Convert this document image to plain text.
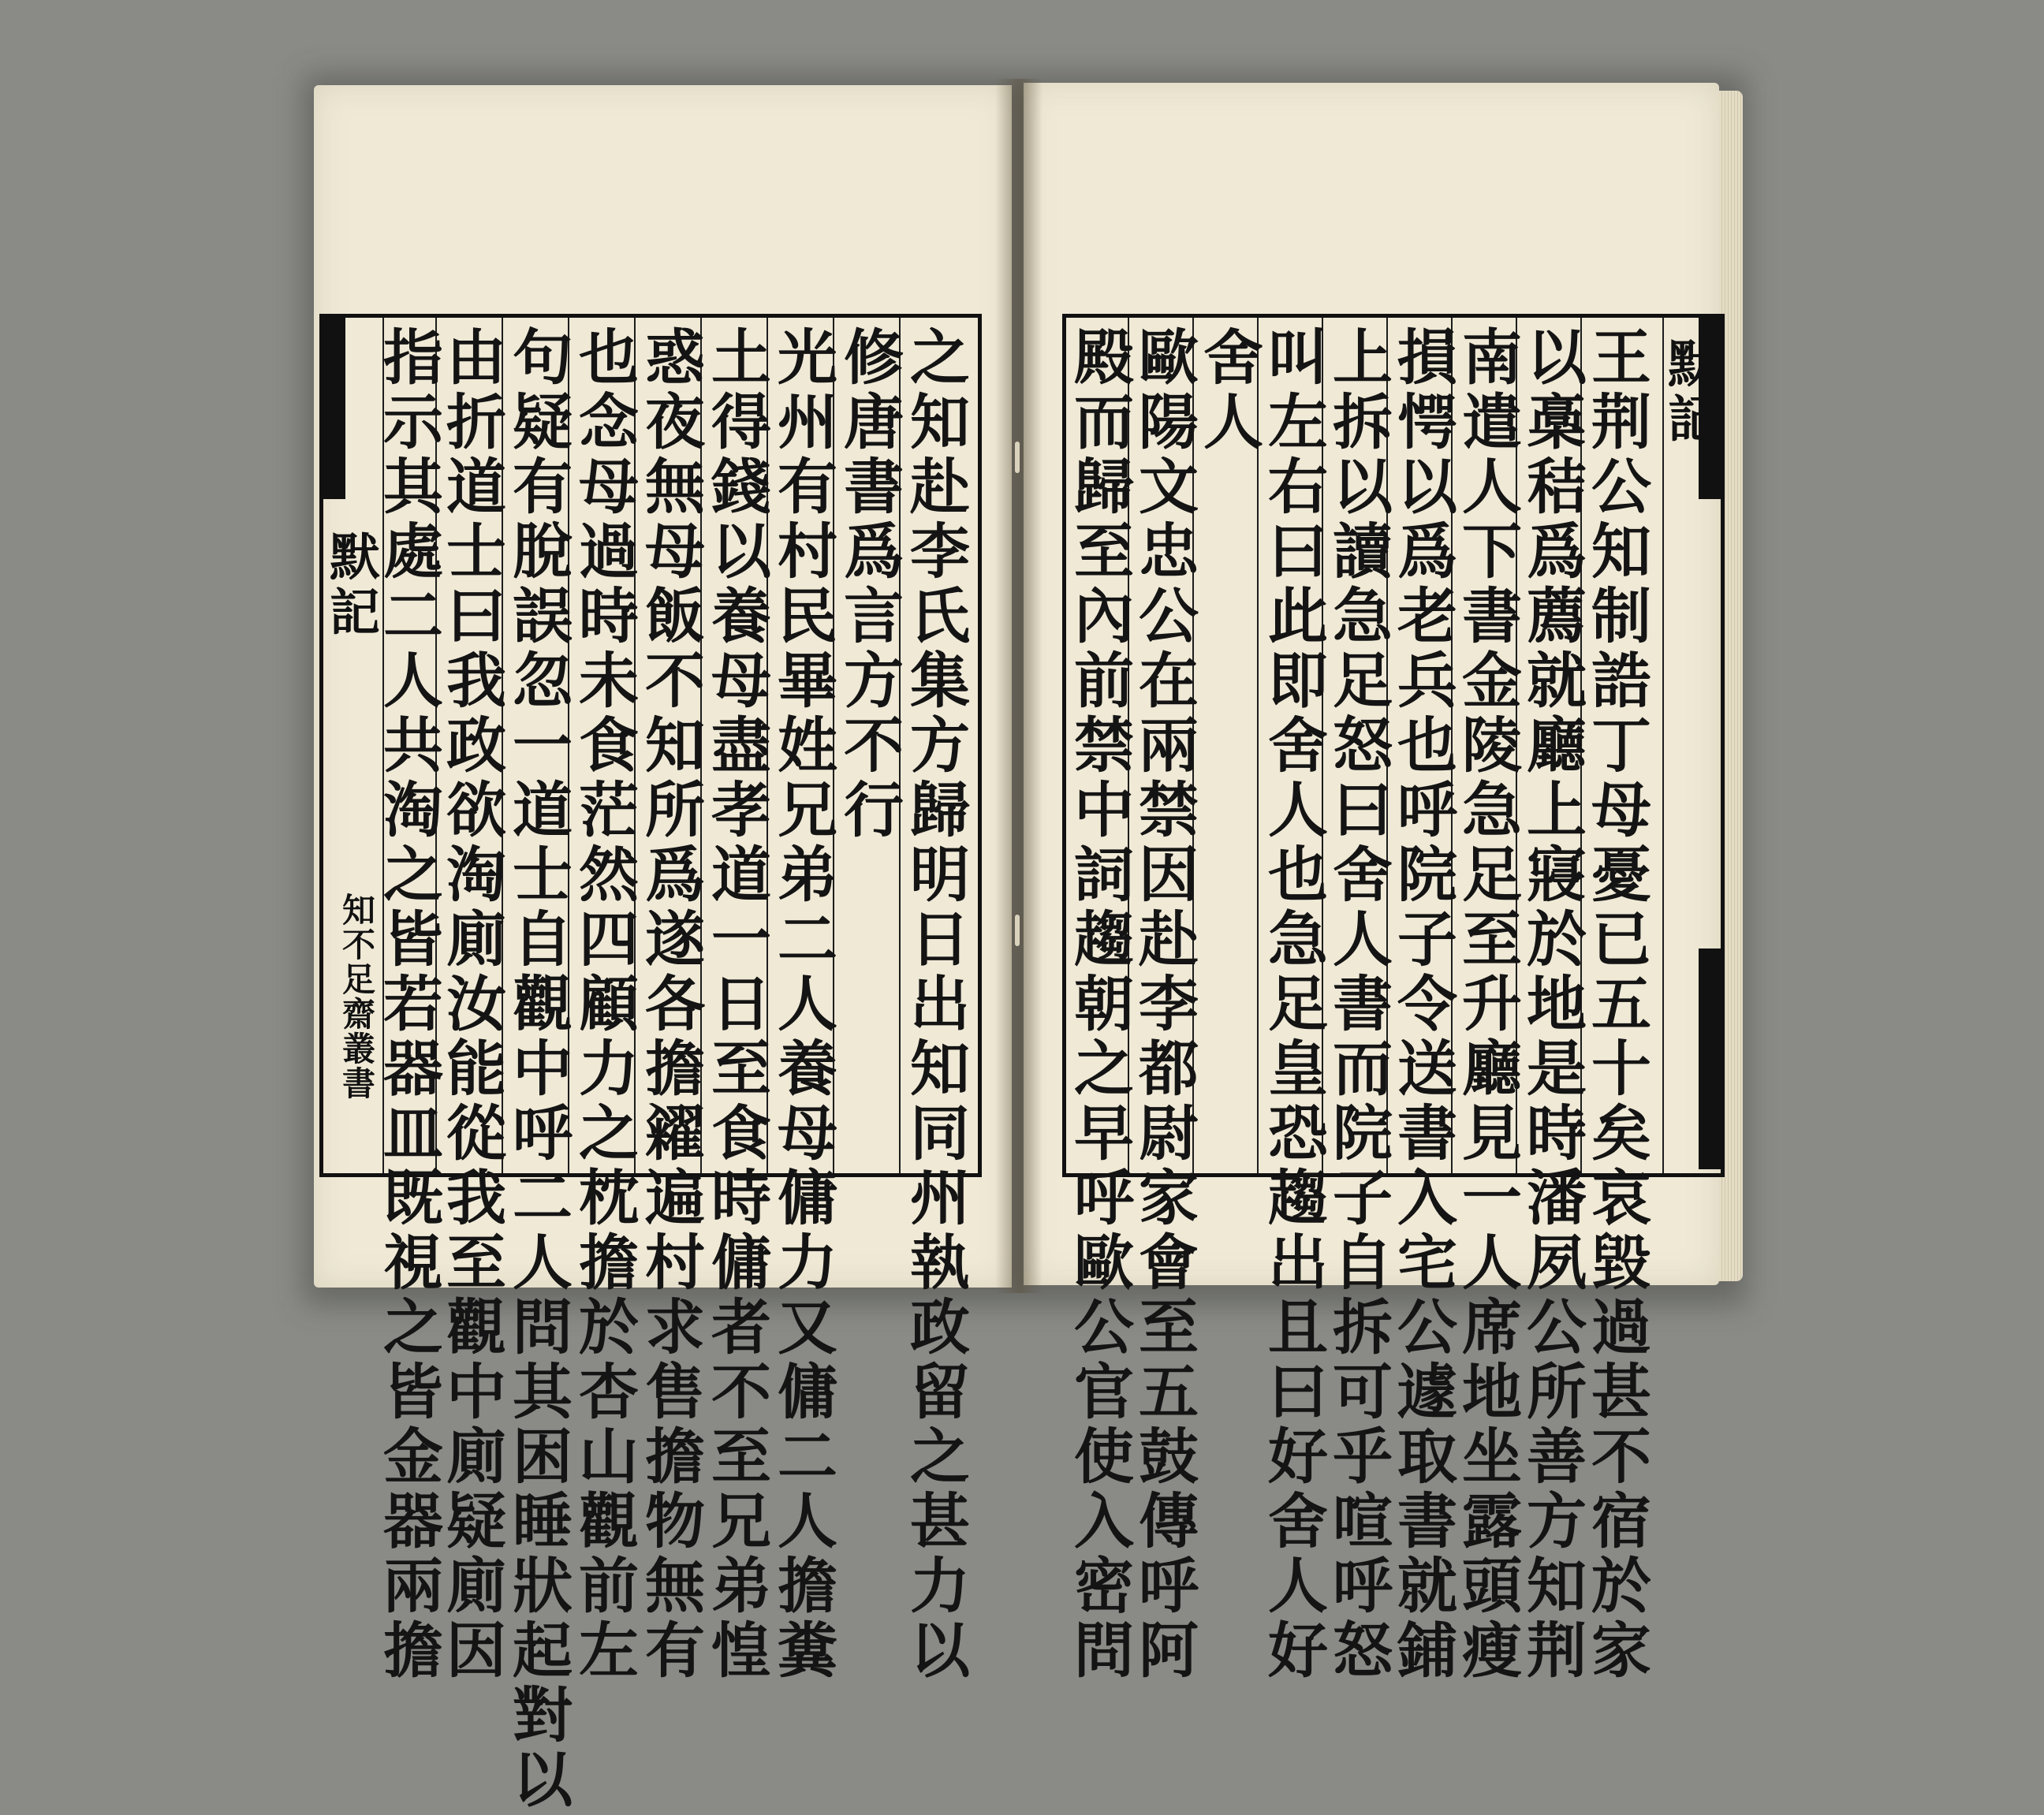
默
記
知
不
足
齋
叢
書
之
知
赴
李
氏
集
方
歸
明
日
出
知
同
州
執
政
留
之
甚
力
以
修
唐
書
爲
言
方
不
行
光
州
有
村
民
畢
姓
兄
弟
二
人
養
母
傭
力
又
傭
二
人
擔
糞
土
得
錢
以
養
母
盡
孝
道
一
日
至
食
時
傭
者
不
至
兄
弟
惶
惑
夜
無
母
飯
不
知
所
爲
遂
各
擔
糴
遍
村
求
售
擔
物
無
有
也
念
母
過
時
未
食
茫
然
四
顧
力
之
枕
擔
於
杏
山
觀
前
左
句
疑
有
脫
誤
忽
一
道
士
自
觀
中
呼
二
人
問
其
困
睡
狀
起
對
以
由
折
道
士
曰
我
政
欲
淘
廁
汝
能
從
我
至
觀
中
廁
疑
廁
因
指
示
其
處
二
人
共
淘
之
皆
若
器
皿
既
視
之
皆
金
器
兩
擔
默
記
王
荆
公
知
制
誥
丁
母
憂
已
五
十
矣
哀
毀
過
甚
不
宿
於
家
以
槀
秸
爲
薦
就
廳
上
寢
於
地
是
時
潘
夙
公
所
善
方
知
荆
南
遣
人
下
書
金
陵
急
足
至
升
廳
見
一
人
席
地
坐
露
頭
瘦
損
愕
以
爲
老
兵
也
呼
院
子
令
送
書
入
宅
公
遽
取
書
就
鋪
上
拆
以
讀
急
足
怒
曰
舍
人
書
而
院
子
自
拆
可
乎
喧
呼
怒
叫
左
右
曰
此
即
舍
人
也
急
足
皇
恐
趨
出
且
曰
好
舍
人
好
舍
人
歐
陽
文
忠
公
在
兩
禁
因
赴
李
都
尉
家
會
至
五
鼓
傳
呼
阿
殿
而
歸
至
內
前
禁
中
詞
趨
朝
之
早
呼
歐
公
官
使
入
密
問
